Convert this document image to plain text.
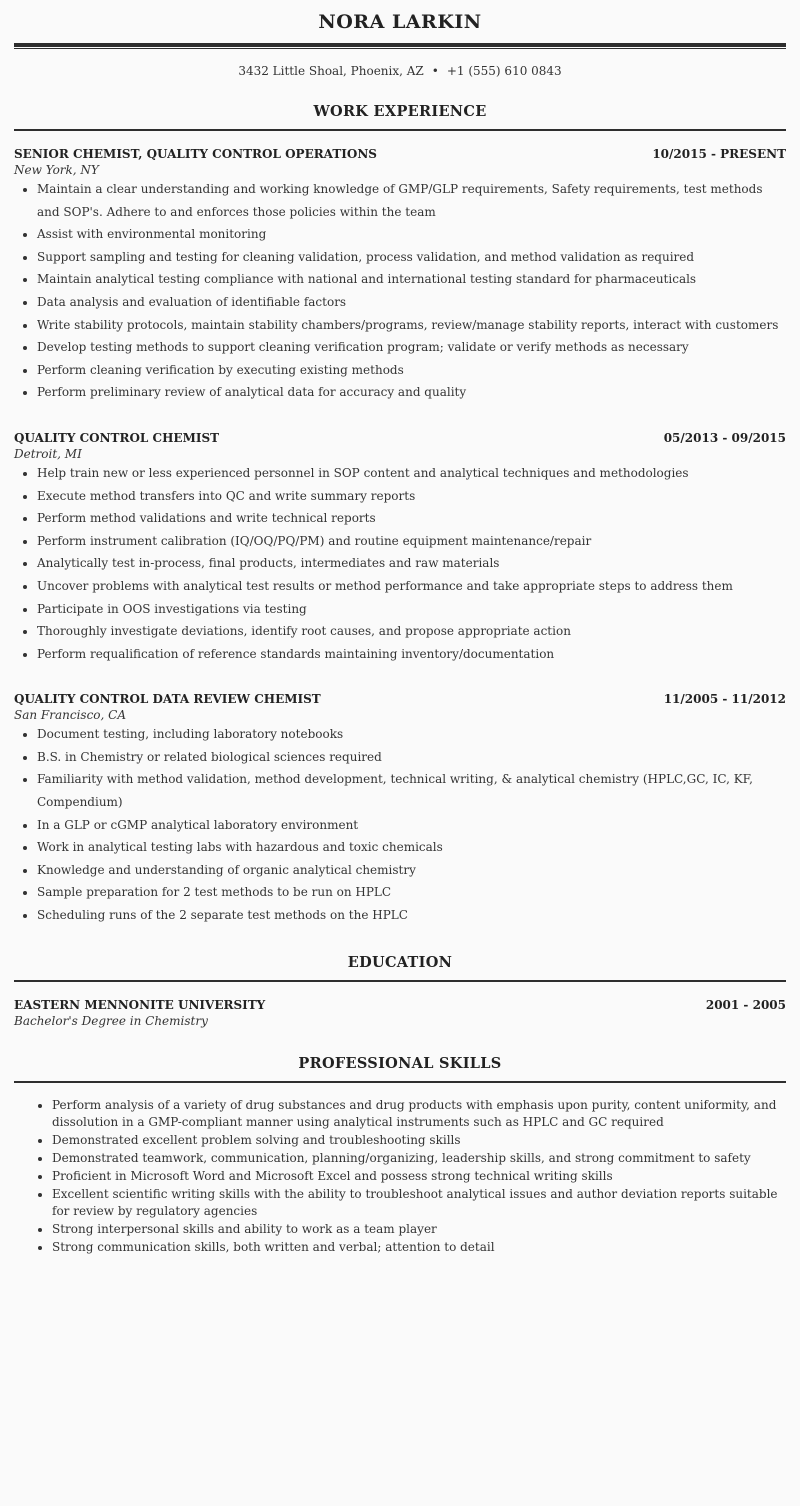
NORA LARKIN
3432 Little Shoal, Phoenix, AZ • +1 (555) 610 0843
WORK EXPERIENCE
SENIOR CHEMIST, QUALITY CONTROL OPERATIONS	10/2015 - PRESENT
New York, NY
• Maintain a clear understanding and working knowledge of GMP/GLP requirements, Safety requirements, test methods and SOP's. Adhere to and enforces those policies within the team
• Assist with environmental monitoring
• Support sampling and testing for cleaning validation, process validation, and method validation as required
• Maintain analytical testing compliance with national and international testing standard for pharmaceuticals
• Data analysis and evaluation of identifiable factors
• Write stability protocols, maintain stability chambers/programs, review/manage stability reports, interact with customers
• Develop testing methods to support cleaning verification program; validate or verify methods as necessary
• Perform cleaning verification by executing existing methods
• Perform preliminary review of analytical data for accuracy and quality
QUALITY CONTROL CHEMIST	05/2013 - 09/2015
Detroit, MI
• Help train new or less experienced personnel in SOP content and analytical techniques and methodologies
• Execute method transfers into QC and write summary reports
• Perform method validations and write technical reports
• Perform instrument calibration (IQ/OQ/PQ/PM) and routine equipment maintenance/repair
• Analytically test in-process, final products, intermediates and raw materials
• Uncover problems with analytical test results or method performance and take appropriate steps to address them
• Participate in OOS investigations via testing
• Thoroughly investigate deviations, identify root causes, and propose appropriate action
• Perform requalification of reference standards maintaining inventory/documentation
QUALITY CONTROL DATA REVIEW CHEMIST	11/2005 - 11/2012
San Francisco, CA
• Document testing, including laboratory notebooks
• B.S. in Chemistry or related biological sciences required
• Familiarity with method validation, method development, technical writing, & analytical chemistry (HPLC,GC, IC, KF, Compendium)
• In a GLP or cGMP analytical laboratory environment
• Work in analytical testing labs with hazardous and toxic chemicals
• Knowledge and understanding of organic analytical chemistry
• Sample preparation for 2 test methods to be run on HPLC
• Scheduling runs of the 2 separate test methods on the HPLC
EDUCATION
EASTERN MENNONITE UNIVERSITY	2001 - 2005
Bachelor's Degree in Chemistry
PROFESSIONAL SKILLS
• Perform analysis of a variety of drug substances and drug products with emphasis upon purity, content uniformity, and dissolution in a GMP-compliant manner using analytical instruments such as HPLC and GC required
• Demonstrated excellent problem solving and troubleshooting skills
• Demonstrated teamwork, communication, planning/organizing, leadership skills, and strong commitment to safety
• Proficient in Microsoft Word and Microsoft Excel and possess strong technical writing skills
• Excellent scientific writing skills with the ability to troubleshoot analytical issues and author deviation reports suitable for review by regulatory agencies
• Strong interpersonal skills and ability to work as a team player
• Strong communication skills, both written and verbal; attention to detail
